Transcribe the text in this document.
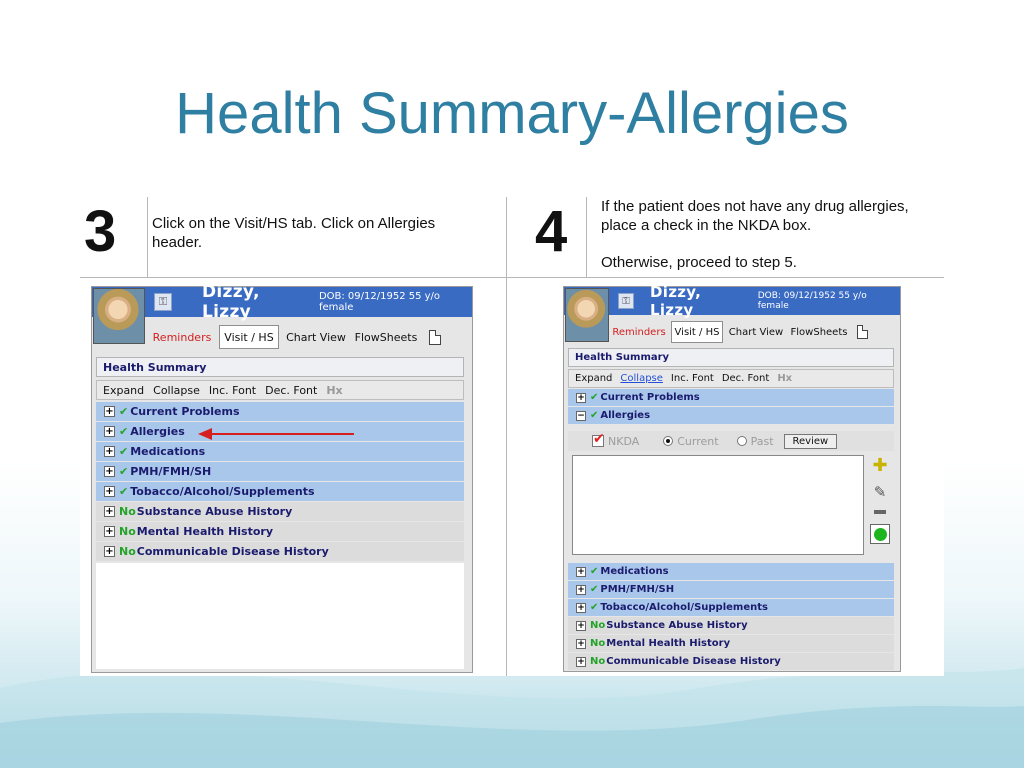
Health Summary-Allergies
3 Click on the Visit/HS tab. Click on Allergies
header.	4 If the patient does not have any drug allergies,
place a check in the NKDA box.
Otherwise, proceed to step 5.
Dizzy, Lizzy
DOB: 09/12/1952 55 y/o female
⚿
Reminders	Visit / HS	Chart View FlowSheets
Health Summary
Expand Collapse Inc. Font Dec. Font Hx
+ ✔ Current Problems
+ ✔ Allergies
+ ✔ Medications
+ ✔ PMH/FMH/SH
+ ✔ Tobacco/Alcohol/Supplements
+ No Substance Abuse History
+ No Mental Health History
+ No Communicable Disease History
Dizzy, Lizzy
DOB: 09/12/1952 55 y/o female
⚿
Reminders Visit / HS Chart View FlowSheets
Health Summary
Expand Collapse Inc. Font Dec. Font Hx
+ ✔ Current Problems
− ✔ Allergies
✔ NKDA	Current	Past	Review
✚
✎
+ ✔ Medications
+ ✔ PMH/FMH/SH
+ ✔ Tobacco/Alcohol/Supplements
+ No Substance Abuse History
+ No Mental Health History
+ No Communicable Disease History
